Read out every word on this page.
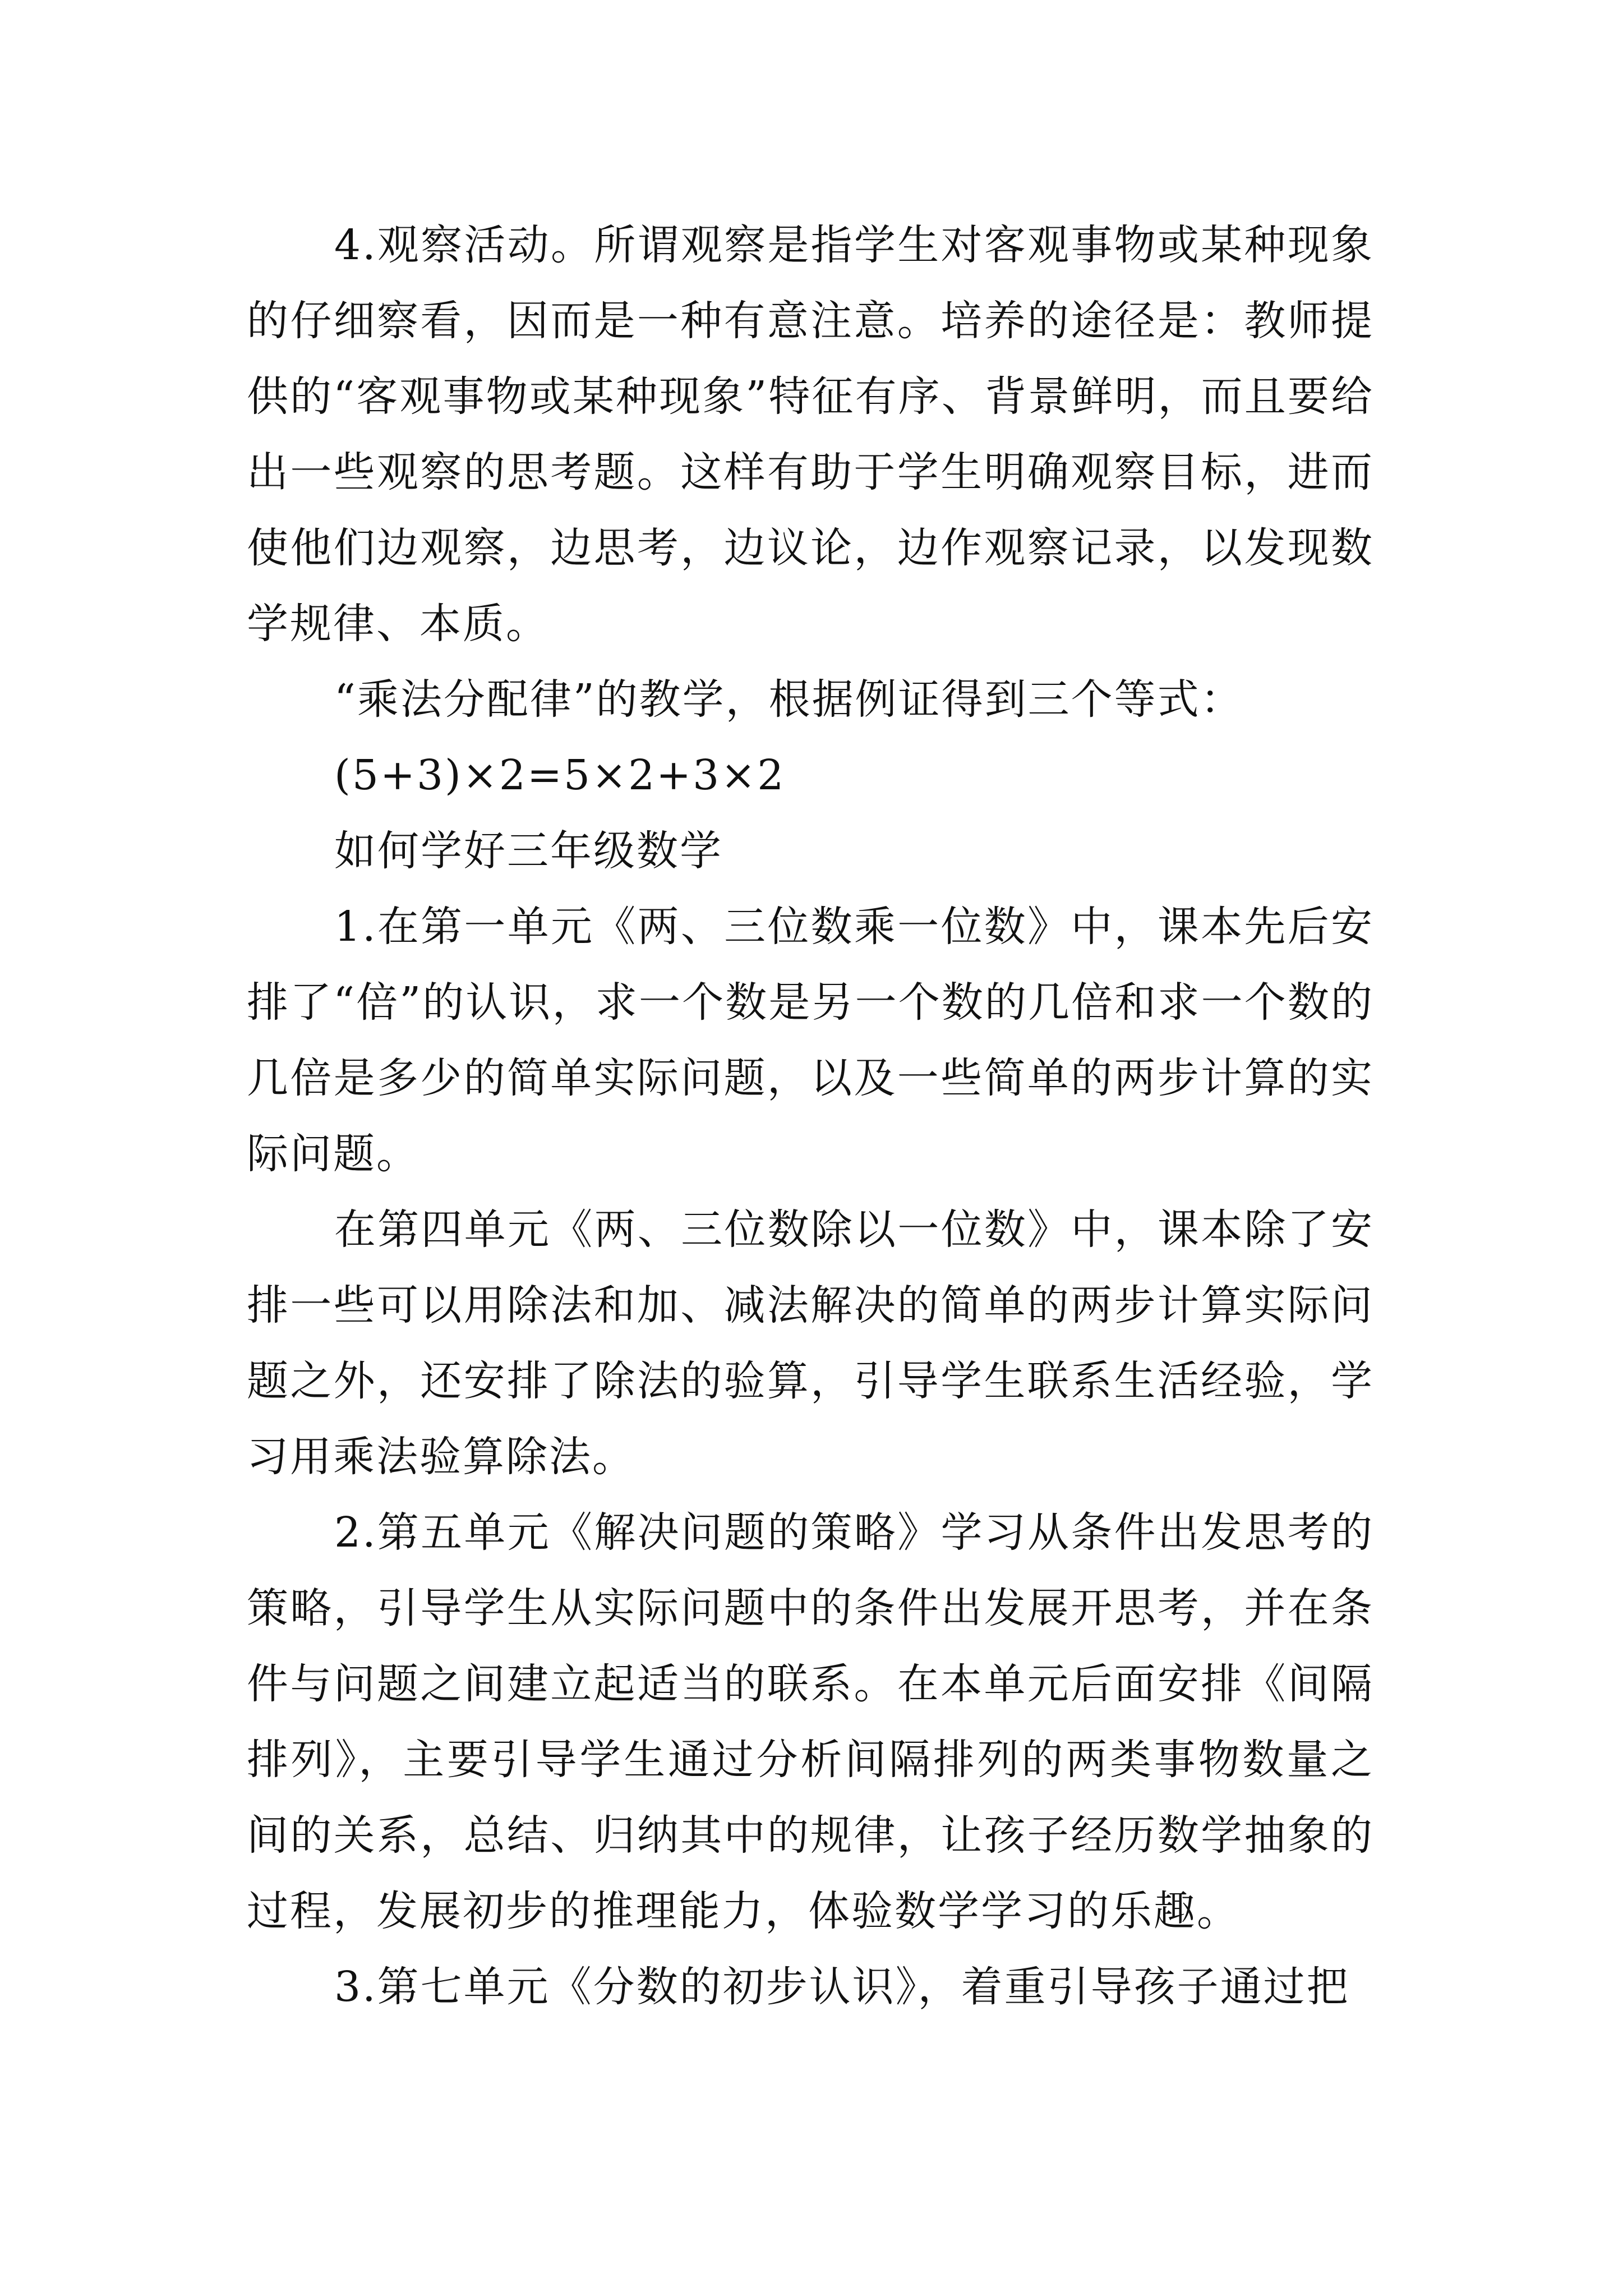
4.观察活动。所谓观察是指学生对客观事物或某种现象的仔细察看，因而是一种有意注意。培养的途径是：教师提供的“客观事物或某种现象”特征有序、背景鲜明，而且要给出一些观察的思考题。这样有助于学生明确观察目标，进而使他们边观察，边思考，边议论，边作观察记录，以发现数学规律、本质。

“乘法分配律”的教学，根据例证得到三个等式：

(5+3)×2=5×2+3×2

如何学好三年级数学

1.在第一单元《两、三位数乘一位数》中，课本先后安排了“倍”的认识，求一个数是另一个数的几倍和求一个数的几倍是多少的简单实际问题，以及一些简单的两步计算的实际问题。

在第四单元《两、三位数除以一位数》中，课本除了安排一些可以用除法和加、减法解决的简单的两步计算实际问题之外，还安排了除法的验算，引导学生联系生活经验，学习用乘法验算除法。

2.第五单元《解决问题的策略》学习从条件出发思考的策略，引导学生从实际问题中的条件出发展开思考，并在条件与问题之间建立起适当的联系。在本单元后面安排《间隔排列》，主要引导学生通过分析间隔排列的两类事物数量之间的关系，总结、归纳其中的规律，让孩子经历数学抽象的过程，发展初步的推理能力，体验数学学习的乐趣。

3.第七单元《分数的初步认识》，着重引导孩子通过把
